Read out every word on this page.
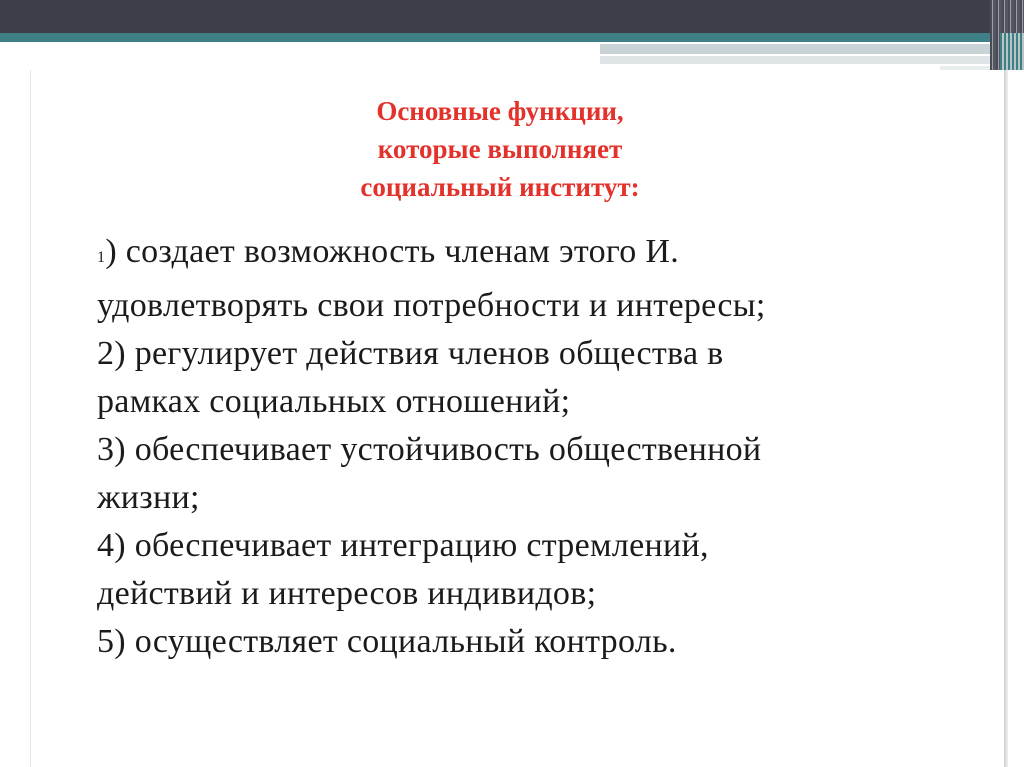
Основные функции,
которые выполняет
социальный институт:
1) создает возможность членам этого И.
удовлетворять свои потребности и интересы;
2) регулирует действия членов общества в
рамках социальных отношений;
3) обеспечивает устойчивость общественной
жизни;
4) обеспечивает интеграцию стремлений,
действий и интересов индивидов;
5) осуществляет социальный контроль.
